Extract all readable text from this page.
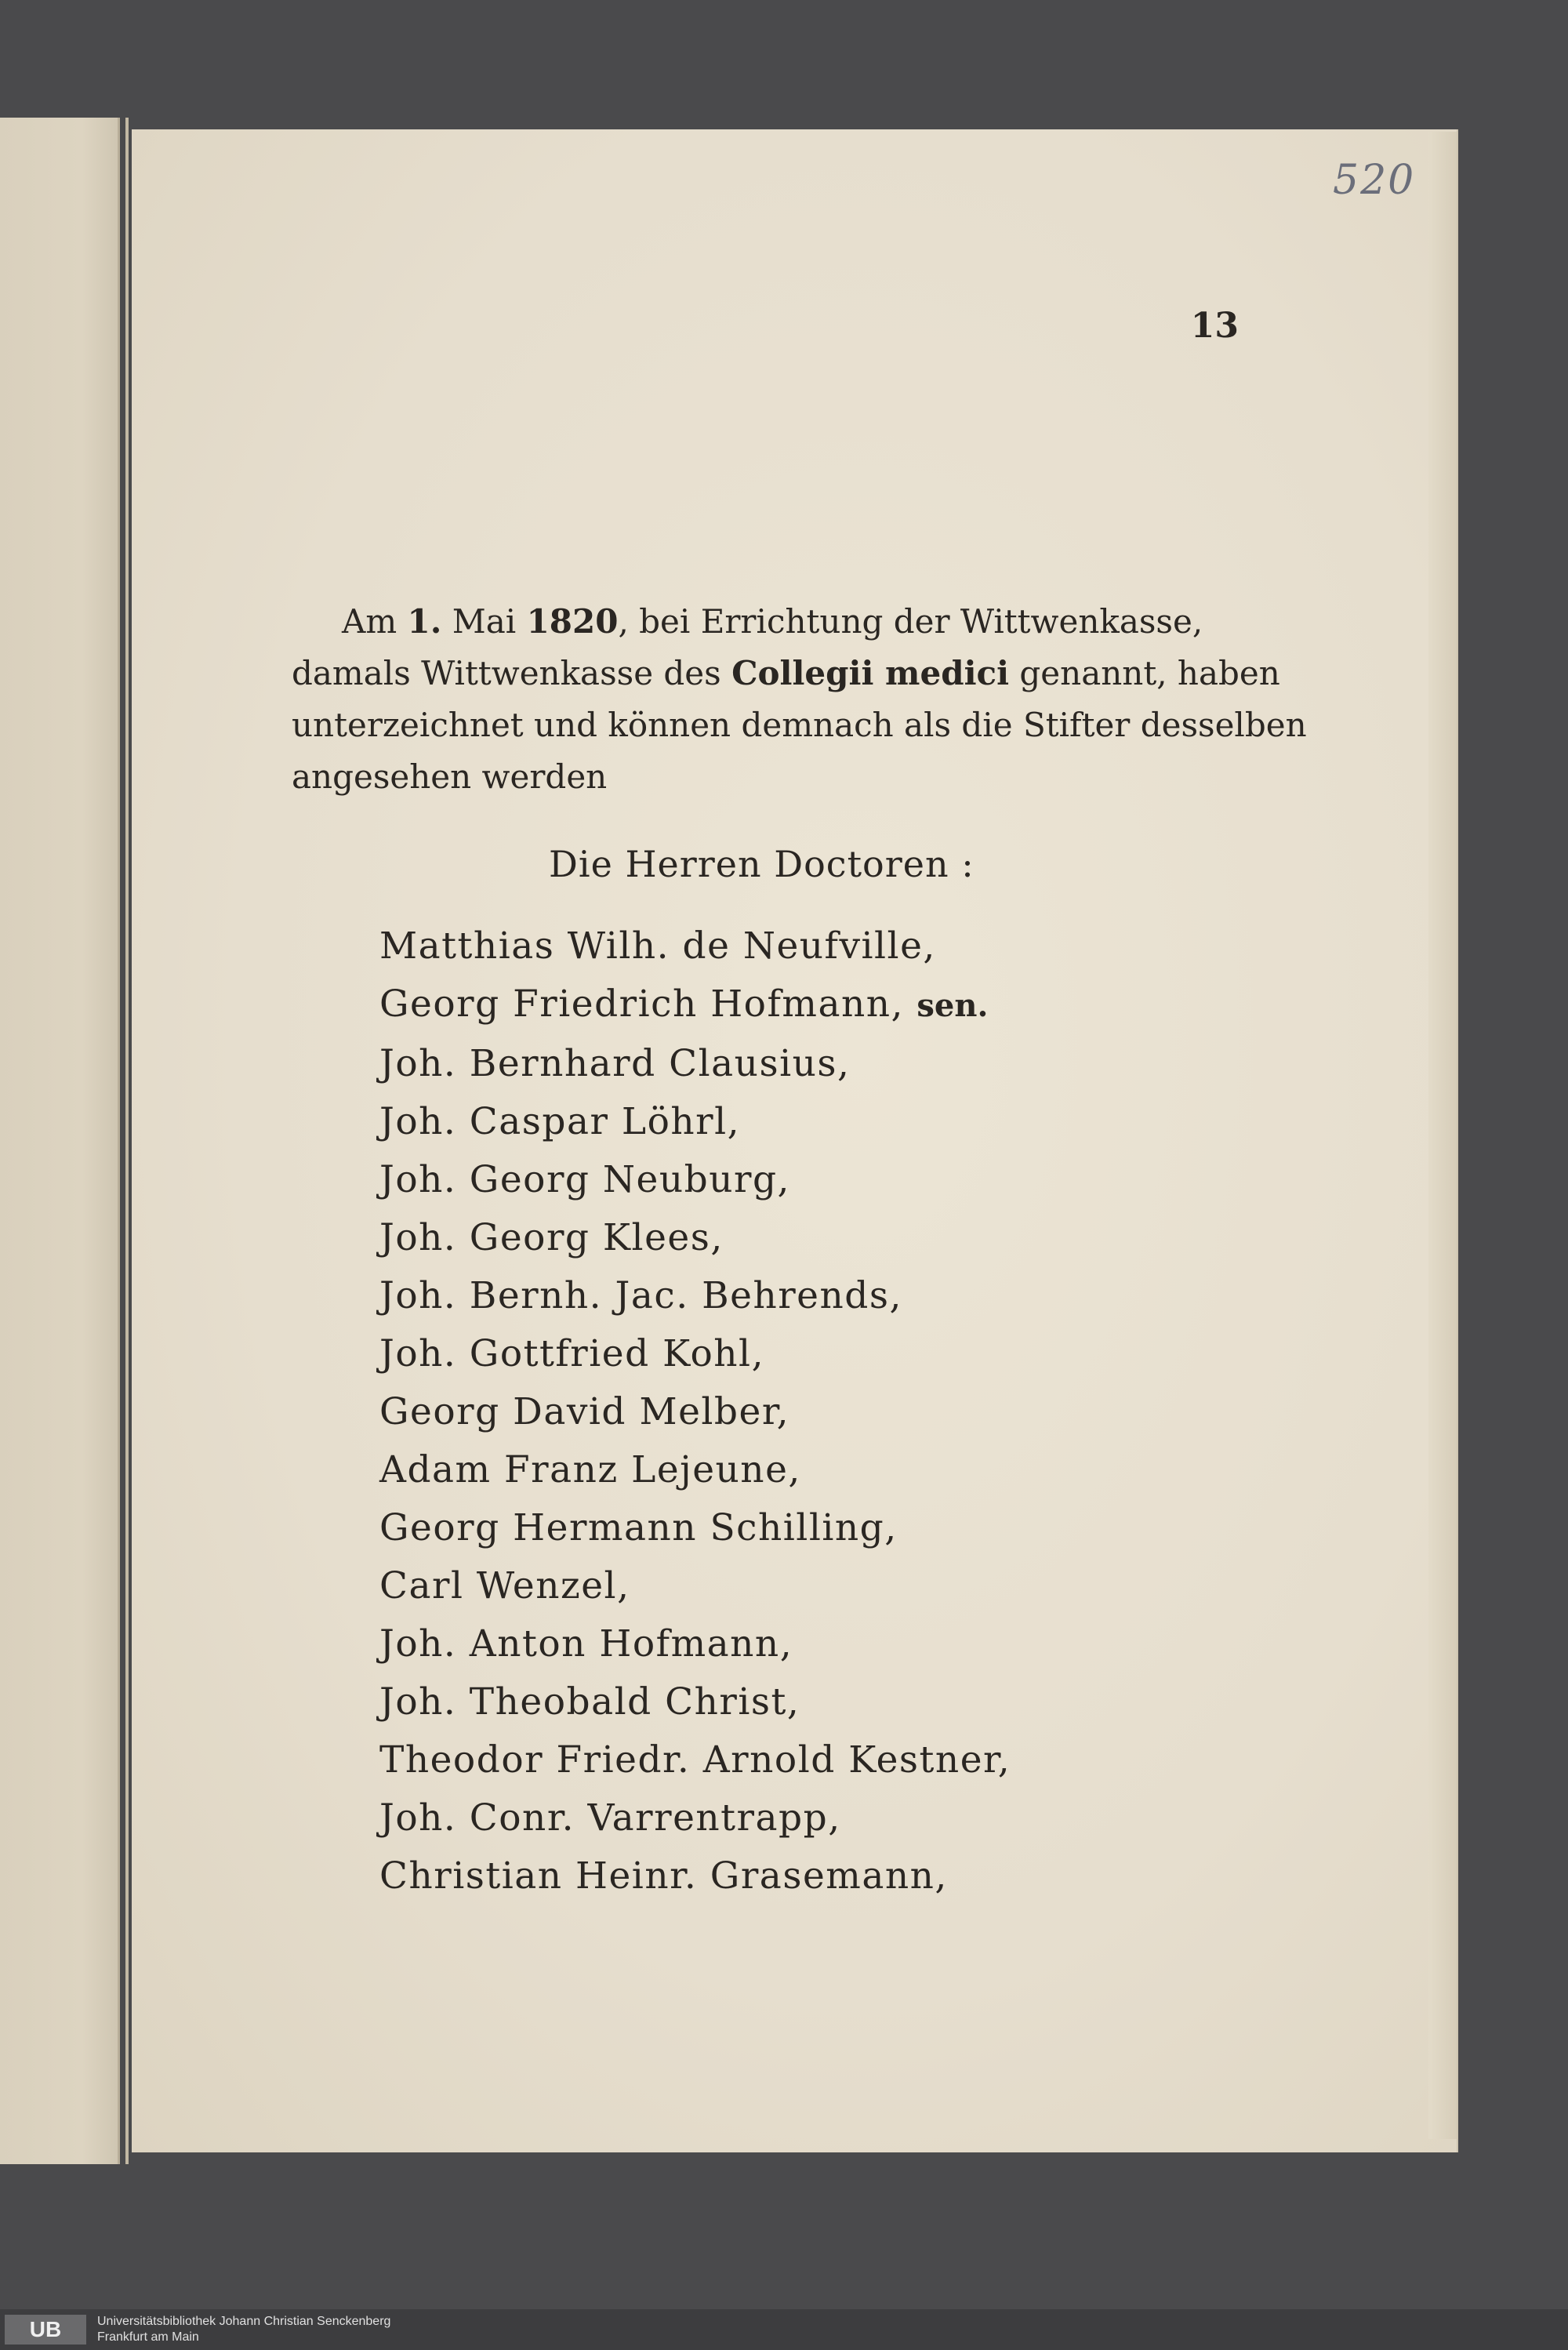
520
13
Am 1. Mai 1820, bei Errichtung der Wittwenkasse,
damals Wittwenkasse des Collegii medici genannt, haben
unterzeichnet und können demnach als die Stifter desselben
angesehen werden
Die Herren Doctoren :
Matthias Wilh. de Neufville,
Georg Friedrich Hofmann, sen.
Joh. Bernhard Clausius,
Joh. Caspar Löhrl,
Joh. Georg Neuburg,
Joh. Georg Klees,
Joh. Bernh. Jac. Behrends,
Joh. Gottfried Kohl,
Georg David Melber,
Adam Franz Lejeune,
Georg Hermann Schilling,
Carl Wenzel,
Joh. Anton Hofmann,
Joh. Theobald Christ,
Theodor Friedr. Arnold Kestner,
Joh. Conr. Varrentrapp,
Christian Heinr. Grasemann,
UB	Universitätsbibliothek Johann Christian Senckenberg
Frankfurt am Main
